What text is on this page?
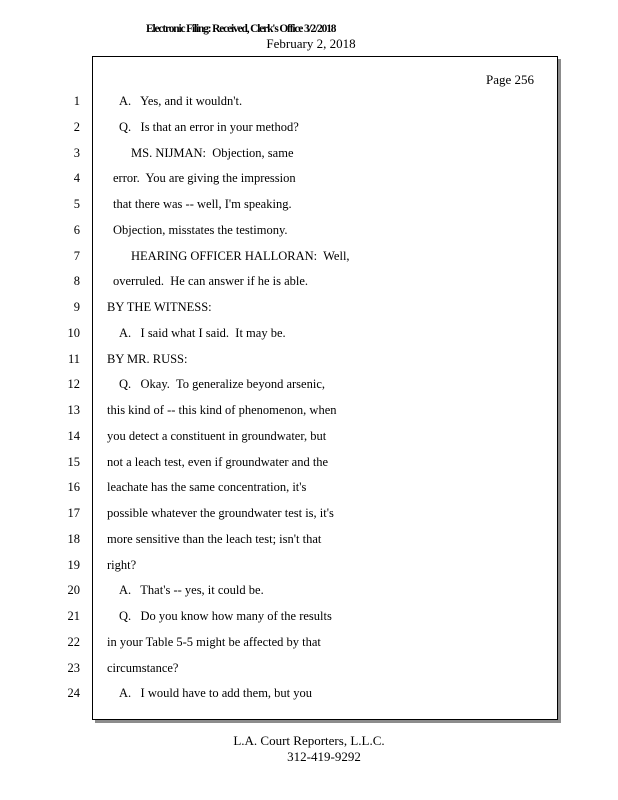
Electronic Filing: Received, Clerk's Office 3/2/2018
February 2, 2018
Page 256
1	A.   Yes, and it wouldn't.
2	Q.   Is that an error in your method?
3	MS. NIJMAN:  Objection, same
4	error.  You are giving the impression
5	that there was -- well, I'm speaking.
6	Objection, misstates the testimony.
7	HEARING OFFICER HALLORAN:  Well,
8	overruled.  He can answer if he is able.
9 BY THE WITNESS:
10	A.   I said what I said.  It may be.
11 BY MR. RUSS:
12	Q.   Okay.  To generalize beyond arsenic,
13 this kind of -- this kind of phenomenon, when
14 you detect a constituent in groundwater, but
15 not a leach test, even if groundwater and the
16 leachate has the same concentration, it's
17 possible whatever the groundwater test is, it's
18 more sensitive than the leach test; isn't that
19 right?
20	A.   That's -- yes, it could be.
21	Q.   Do you know how many of the results
22 in your Table 5-5 might be affected by that
23 circumstance?
24	A.   I would have to add them, but you
L.A. Court Reporters, L.L.C.
312-419-9292
